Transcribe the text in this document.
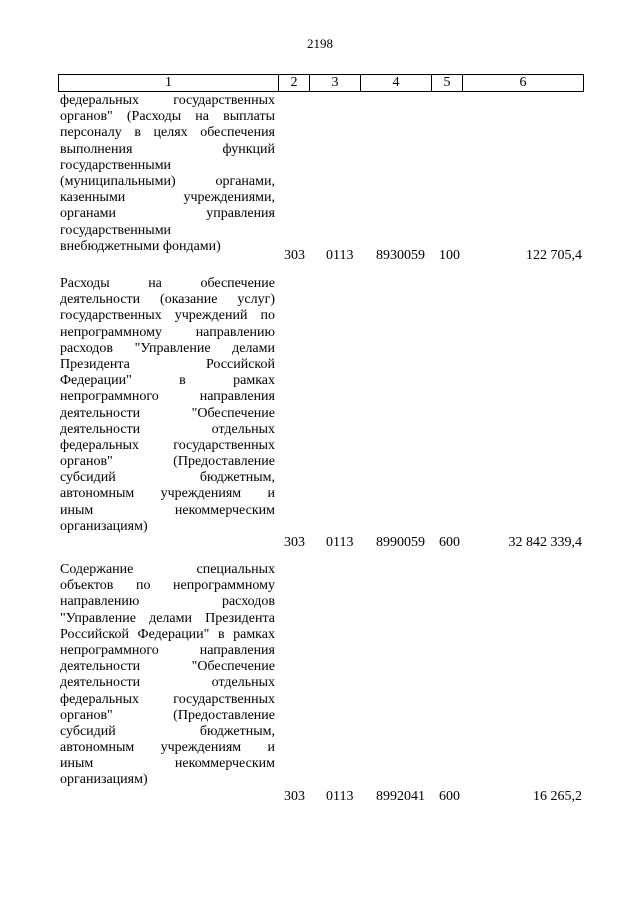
2198
1	2	3	4	5	6
федеральных государственных
органов" (Расходы на выплаты
персоналу в целях обеспечения
выполнения функций
государственными
(муниципальными) органами,
казенными учреждениями,
органами управления
государственными
внебюджетными фондами)
303 0113 8930059 100	122 705,4
Расходы на обеспечение
деятельности (оказание услуг)
государственных учреждений по
непрограммному направлению
расходов "Управление делами
Президента Российской
Федерации" в рамках
непрограммного направления
деятельности "Обеспечение
деятельности отдельных
федеральных государственных
органов" (Предоставление
субсидий бюджетным,
автономным учреждениям и
иным некоммерческим
организациям)
303 0113 8990059 600	32 842 339,4
Содержание специальных
объектов по непрограммному
направлению расходов
"Управление делами Президента
Российской Федерации" в рамках
непрограммного направления
деятельности "Обеспечение
деятельности отдельных
федеральных государственных
органов" (Предоставление
субсидий бюджетным,
автономным учреждениям и
иным некоммерческим
организациям)
303 0113 8992041 600	16 265,2
